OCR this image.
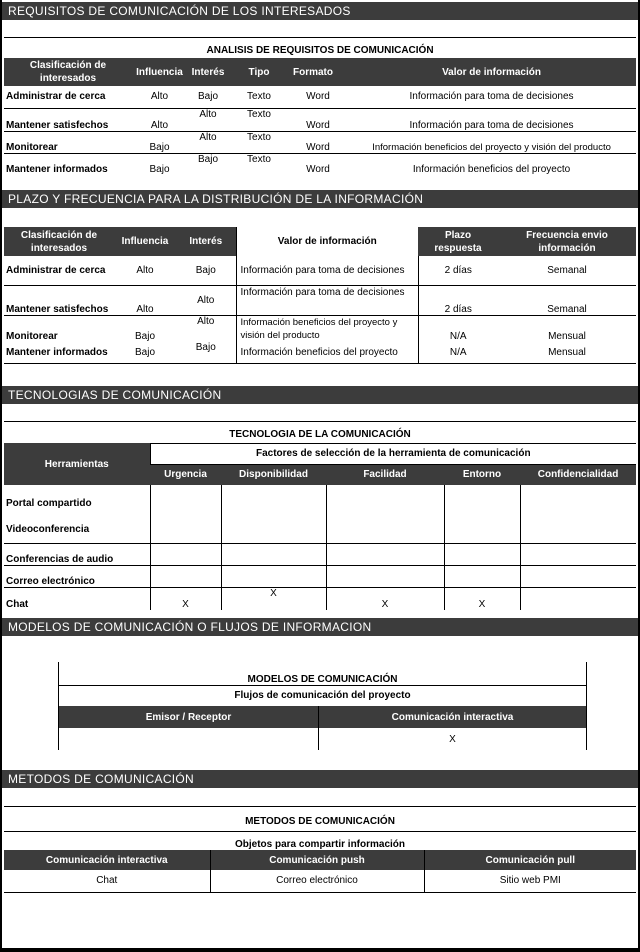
REQUISITOS DE COMUNICACIÓN DE LOS INTERESADOS
ANALISIS DE REQUISITOS DE COMUNICACIÓN					
Clasificación de interesados	Influencia	Interés	Tipo	Formato	Valor de información
Administrar de cerca	Alto	Bajo	Texto	Word	Información para toma de decisiones
Mantener satisfechos	Alto	Alto	Texto	Word	Información para toma de decisiones
Monitorear	Bajo	Alto	Texto	Word	Información beneficios del proyecto y visión del producto
Mantener informados	Bajo	Bajo	Texto	Word	Información beneficios del proyecto
PLAZO Y FRECUENCIA PARA LA DISTRIBUCIÓN DE LA INFORMACIÓN
Clasificación de interesados	Influencia	Interés	Valor de información	Plazo respuesta	Frecuencia envio información
Administrar de cerca	Alto	Bajo	Información para toma de decisiones	2 días	Semanal
Mantener satisfechos	Alto	Alto	Información para toma de decisiones	2 días	Semanal
Monitorear	Bajo	Alto	Información beneficios del proyecto y visión del producto	N/A	Mensual
Mantener informados	Bajo	Bajo	Información beneficios del proyecto	N/A	Mensual
TECNOLOGIAS DE COMUNICACIÓN
TECNOLOGIA DE LA COMUNICACIÓN					
Herramientas	Factores de selección de la herramienta de comunicación				
	Urgencia	Disponibilidad	Facilidad	Entorno	Confidencialidad

Portal compartido
Videoconferencia					

Conferencias de audio					
Correo electrónico					
Chat	X	X	X	X	
MODELOS DE COMUNICACIÓN O FLUJOS DE INFORMACION
MODELOS DE COMUNICACIÓN	
Flujos de comunicación del proyecto	
Emisor / Receptor	Comunicación interactiva
	X
METODOS DE COMUNICACIÓN
METODOS DE COMUNICACIÓN		
Objetos para compartir información		
Comunicación interactiva	Comunicación push	Comunicación pull
Chat	Correo electrónico	Sitio web PMI
